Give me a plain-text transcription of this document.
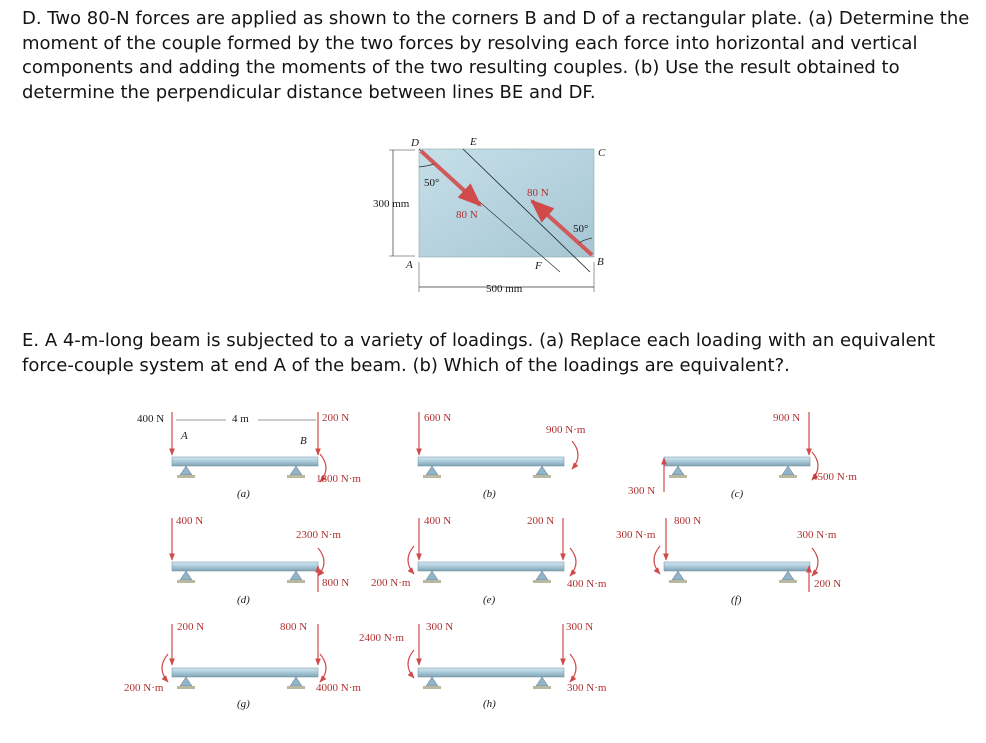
D. Two 80-N forces are applied as shown to the corners B and D of a rectangular plate. (a) Determine the moment of the couple formed by the two forces by resolving each force into horizontal and vertical components and adding the moments of the two resulting couples. (b) Use the result obtained to determine the perpendicular distance between lines BE and DF.

E. A 4-m-long beam is subjected to a variety of loadings. (a) Replace each loading with an equivalent force-couple system at end A of the beam. (b) Which of the loadings are equivalent?.

D	E
C
A	F	B
50°
50°
80 N
80 N
300 mm
500 mm
400 N	4 m	200 N
A	B
1800 N·m
(a)
600 N
900 N·m
(b)	300 N
900 N
4500 N·m
(c)
400 N
2300 N·m
800 N
(d)
200 N·m
400 N	200 N
400 N·m
(e)
300 N·m
800 N
300 N·m
200 N
(f)
200 N
200 N·m
800 N
4000 N·m
(g)
2400 N·m
300 N	300 N
300 N·m
(h)
